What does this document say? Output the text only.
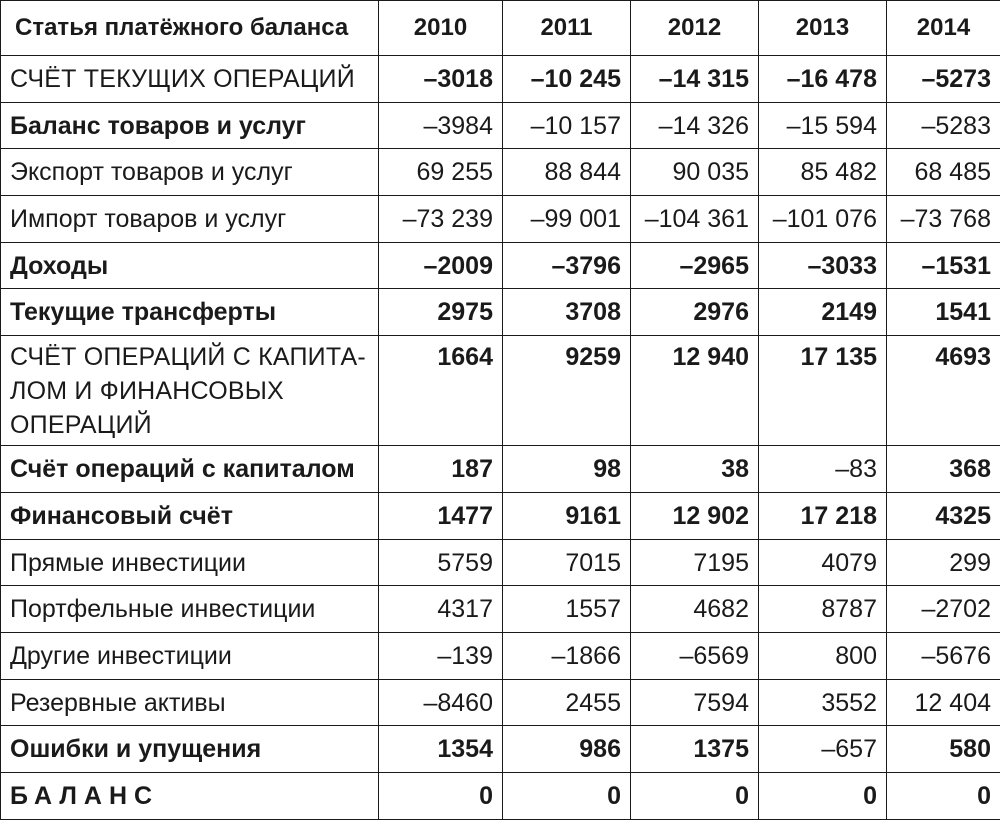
Статья платёжного баланса	2010	2011	2012	2013	2014
СЧЁТ ТЕКУЩИХ ОПЕРАЦИЙ	–3018	–10 245	–14 315	–16 478	–5273
Баланс товаров и услуг	–3984	–10 157	–14 326	–15 594	–5283
Экспорт товаров и услуг	69 255	88 844	90 035	85 482	68 485
Импорт товаров и услуг	–73 239	–99 001	–104 361	–101 076	–73 768
Доходы	–2009	–3796	–2965	–3033	–1531
Текущие трансферты	2975	3708	2976	2149	1541
СЧЁТ ОПЕРАЦИЙ С КАПИТА-ЛОМ И ФИНАНСОВЫХ ОПЕРАЦИЙ	1664	9259	12 940	17 135	4693
Счёт операций с капиталом	187	98	38	–83	368
Финансовый счёт	1477	9161	12 902	17 218	4325
Прямые инвестиции	5759	7015	7195	4079	299
Портфельные инвестиции	4317	1557	4682	8787	–2702
Другие инвестиции	–139	–1866	–6569	800	–5676
Резервные активы	–8460	2455	7594	3552	12 404
Ошибки и упущения	1354	986	1375	–657	580
БАЛАНС	0	0	0	0	0
